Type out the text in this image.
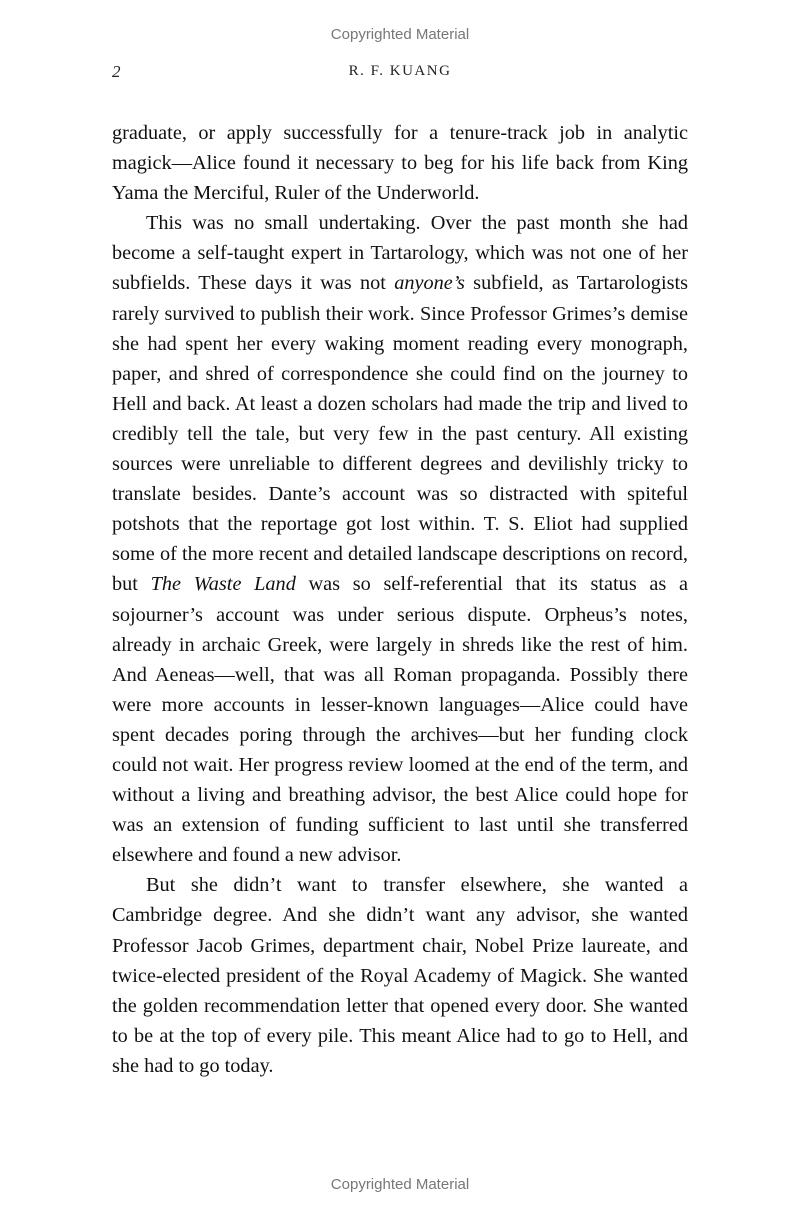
Copyrighted Material
2	R. F. KUANG

graduate, or apply successfully for a tenure-track job in analytic magick—Alice found it necessary to beg for his life back from King Yama the Merciful, Ruler of the Underworld.

This was no small undertaking. Over the past month she had become a self-taught expert in Tartarology, which was not one of her subfields. These days it was not anyone’s subfield, as Tartarologists rarely survived to publish their work. Since Professor Grimes’s demise she had spent her every waking moment reading every monograph, paper, and shred of correspondence she could find on the journey to Hell and back. At least a dozen scholars had made the trip and lived to credibly tell the tale, but very few in the past century. All existing sources were unreliable to different degrees and devilishly tricky to translate besides. Dante’s account was so distracted with spiteful potshots that the reportage got lost within. T. S. Eliot had supplied some of the more recent and detailed landscape descriptions on record, but The Waste Land was so self-referential that its status as a sojourner’s account was under serious dispute. Orpheus’s notes, already in archaic Greek, were largely in shreds like the rest of him. And Aeneas—well, that was all Roman propaganda. Possibly there were more accounts in lesser-known languages—Alice could have spent decades poring through the archives—but her funding clock could not wait. Her progress review loomed at the end of the term, and without a living and breathing advisor, the best Alice could hope for was an extension of funding sufficient to last until she transferred elsewhere and found a new advisor.

But she didn’t want to transfer elsewhere, she wanted a Cambridge degree. And she didn’t want any advisor, she wanted Professor Jacob Grimes, department chair, Nobel Prize laureate, and twice-elected president of the Royal Academy of Magick. She wanted the golden recommendation letter that opened every door. She wanted to be at the top of every pile. This meant Alice had to go to Hell, and she had to go today.

Copyrighted Material
